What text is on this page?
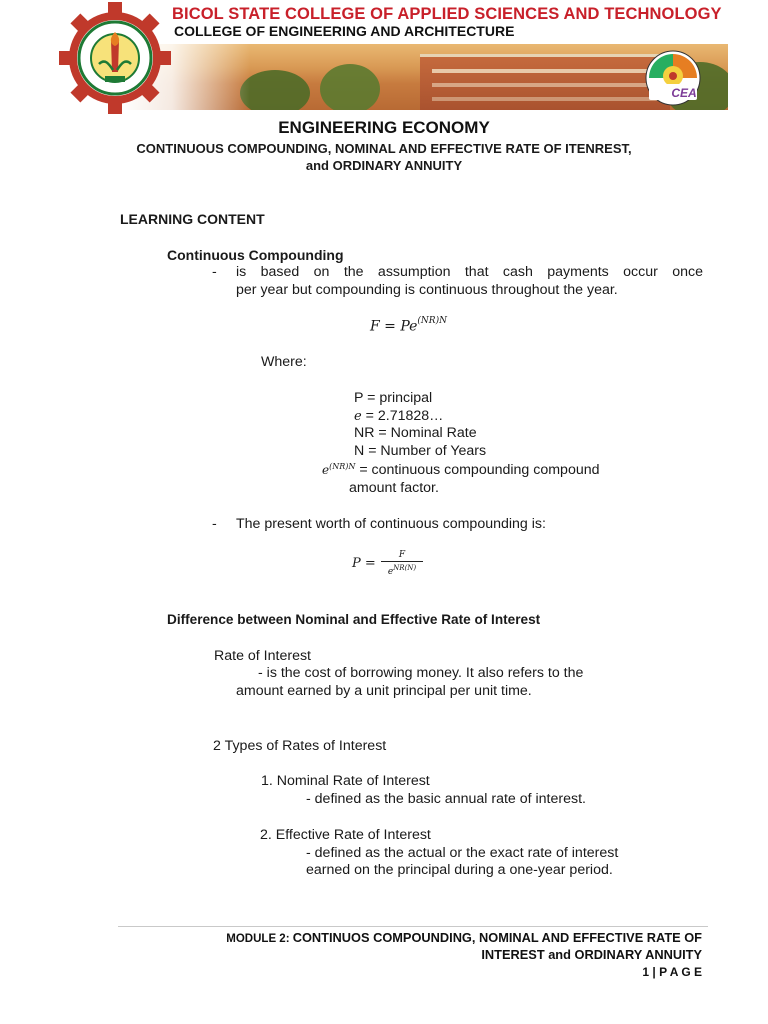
BICOL STATE COLLEGE OF APPLIED SCIENCES AND TECHNOLOGY
COLLEGE OF ENGINEERING AND ARCHITECTURE
CEA
ENGINEERING ECONOMY
CONTINUOUS COMPOUNDING, NOMINAL AND EFFECTIVE RATE OF ITENREST,
and ORDINARY ANNUITY
LEARNING CONTENT
Continuous Compounding
- is based on the assumption that cash payments occur once
per year but compounding is continuous throughout the year.
$F = Pe^{(NR)N}$
Where:
P = principal
e = 2.71828…
NR = Nominal Rate
N = Number of Years
$e^{(NR)N}$ = continuous compounding compound
amount factor.
- The present worth of continuous compounding is:
P =
F
$e^{NR(N)}$
Difference between Nominal and Effective Rate of Interest
Rate of Interest
- is the cost of borrowing money. It also refers to the
amount earned by a unit principal per unit time.
2 Types of Rates of Interest
1. Nominal Rate of Interest
- defined as the basic annual rate of interest.
2. Effective Rate of Interest
- defined as the actual or the exact rate of interest
earned on the principal during a one-year period.
MODULE 2: CONTINUOS COMPOUNDING, NOMINAL AND EFFECTIVE RATE OF
INTEREST and ORDINARY ANNUITY
1 | P A G E
